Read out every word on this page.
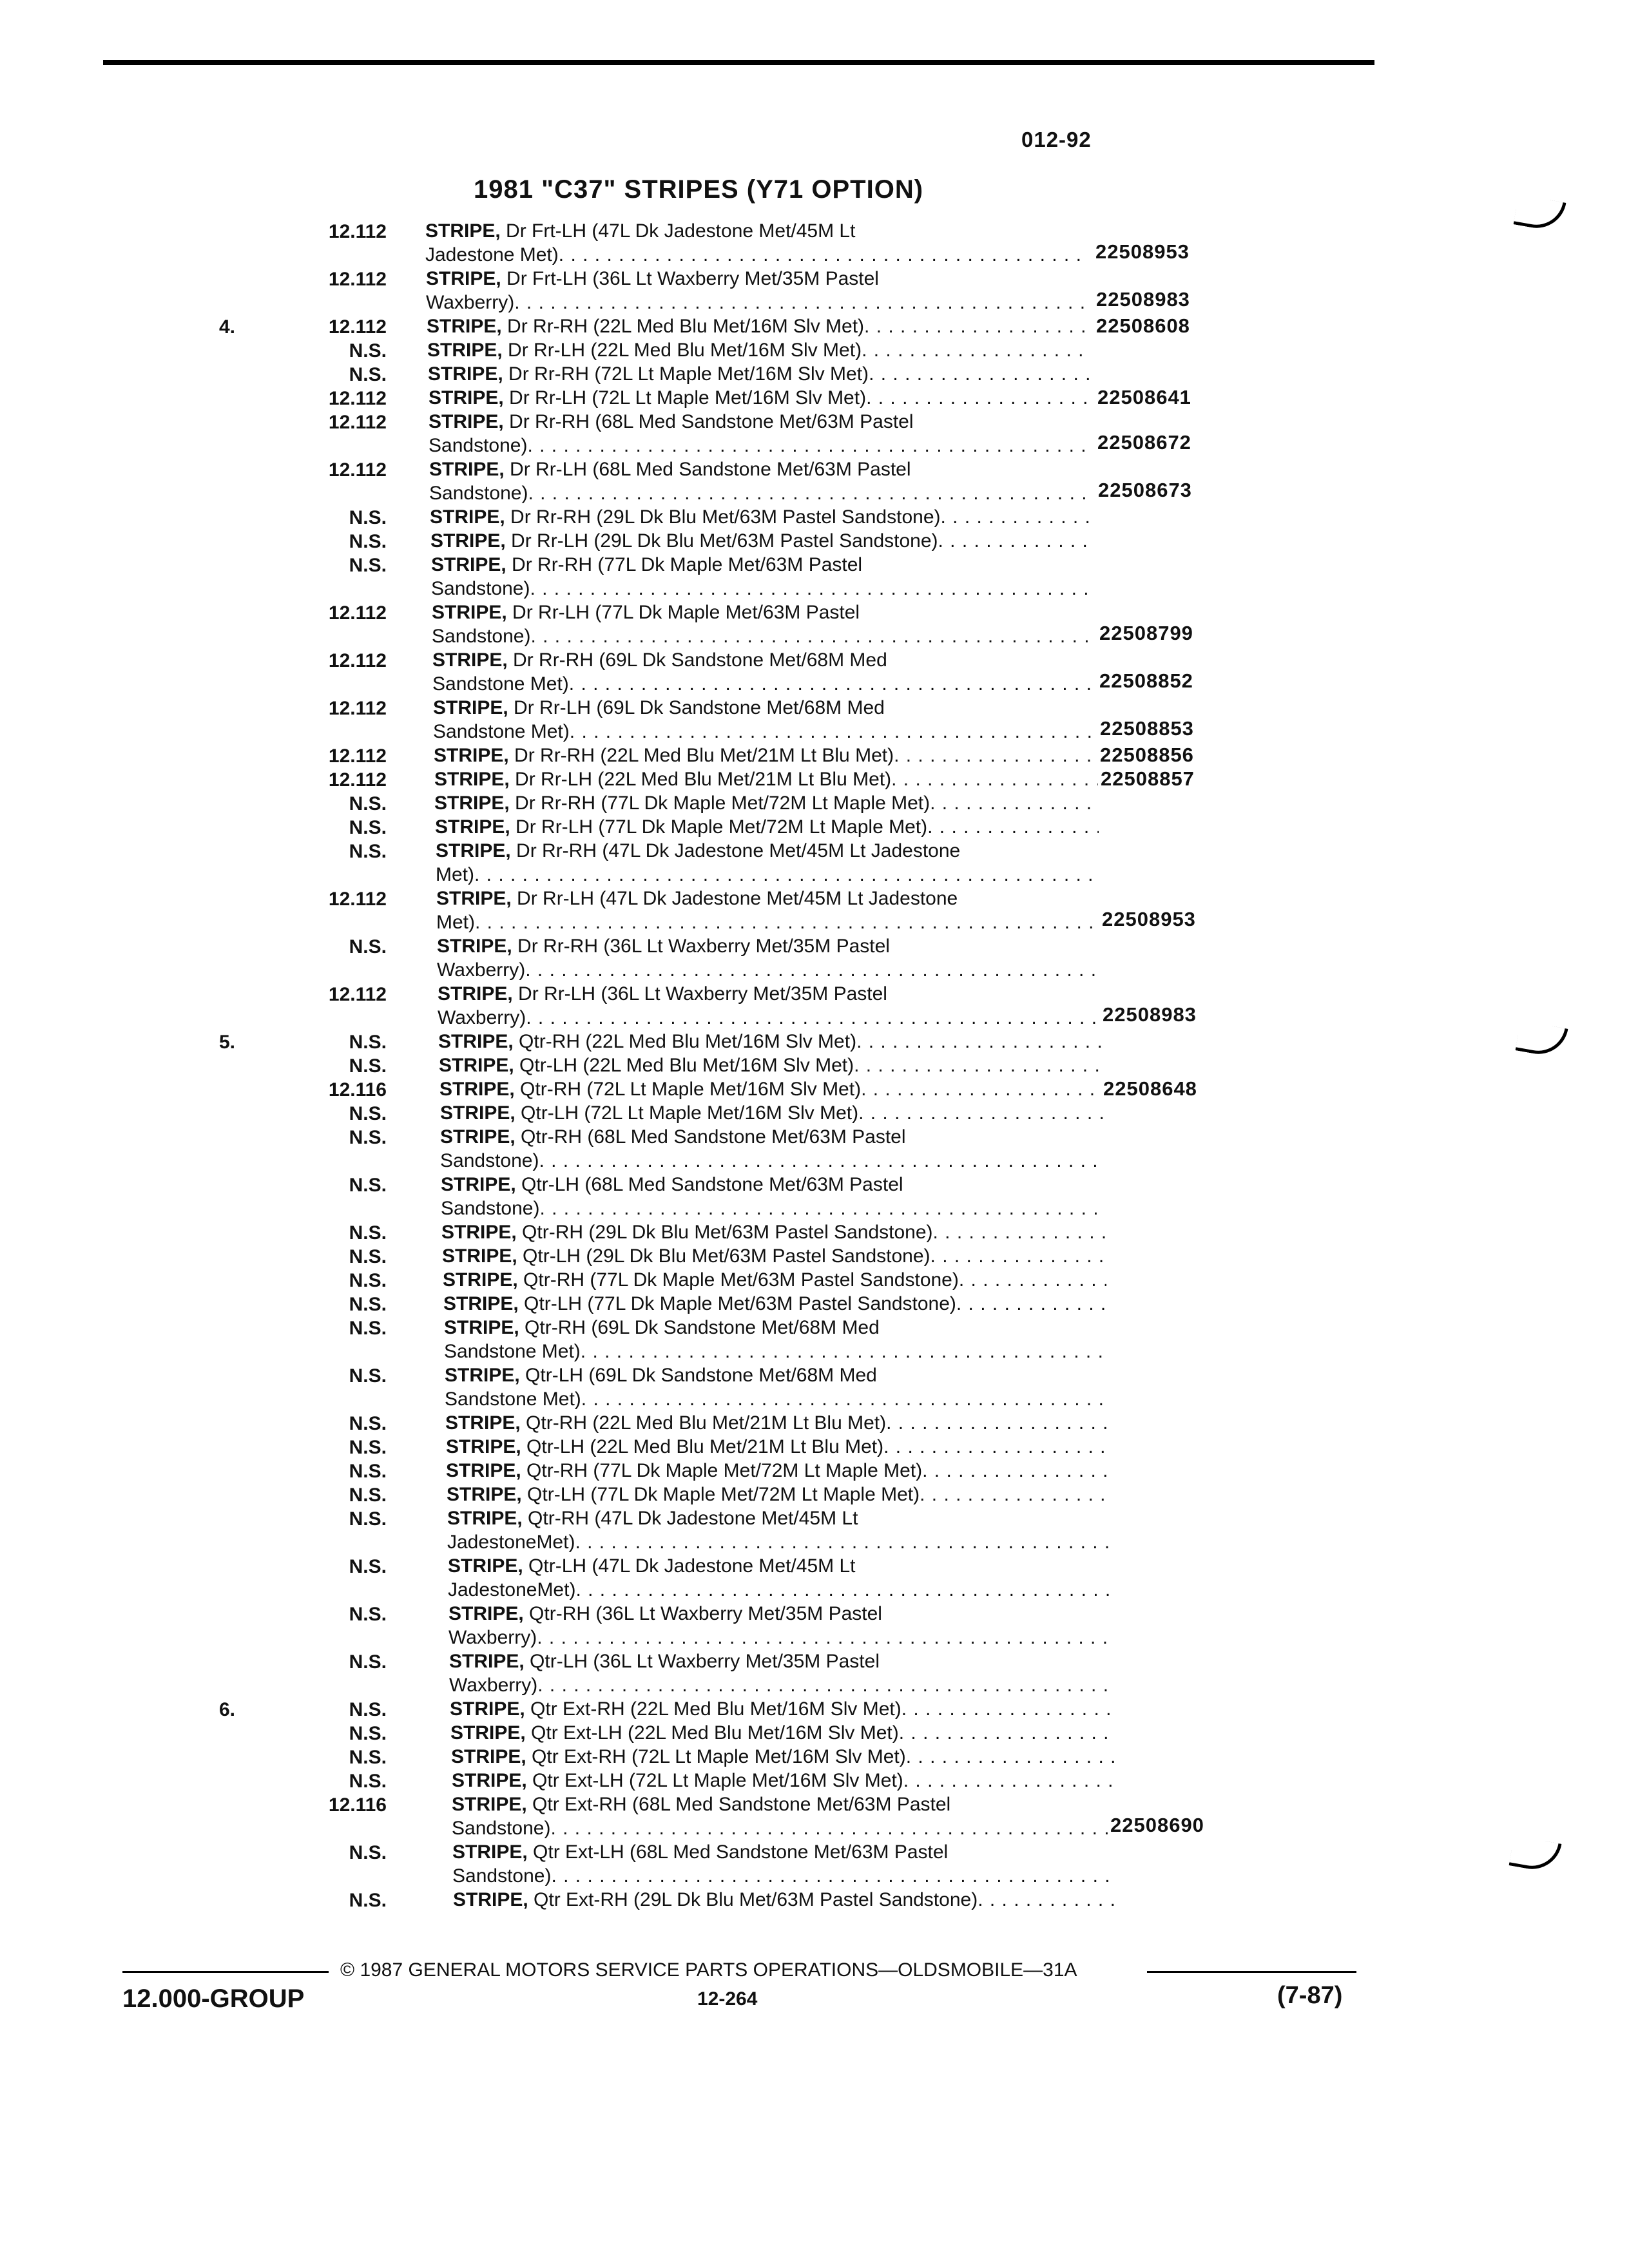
012-92
1981 "C37" STRIPES (Y71 OPTION)
12.112 STRIPE, Dr Frt-LH (47L Dk Jadestone Met/45M Lt
Jadestone Met) . . .	22508953
12.112 STRIPE, Dr Frt-LH (36L Lt Waxberry Met/35M Pastel
Waxberry) . . .	22508983
4.	12.112 STRIPE, Dr Rr-RH (22L Med Blu Met/16M Slv Met) . . .	22508608
N.S. STRIPE, Dr Rr-LH (22L Med Blu Met/16M Slv Met)
. . .
N.S. STRIPE, Dr Rr-RH (72L Lt Maple Met/16M Slv Met)
. . .
12.112 STRIPE, Dr Rr-LH (72L Lt Maple Met/16M Slv Met) . . .	22508641
12.112 STRIPE, Dr Rr-RH (68L Med Sandstone Met/63M Pastel
Sandstone) . . .	22508672
12.112 STRIPE, Dr Rr-LH (68L Med Sandstone Met/63M Pastel
Sandstone) . . .	22508673
N.S. STRIPE, Dr Rr-RH (29L Dk Blu Met/63M Pastel Sandstone)
. . .
N.S. STRIPE, Dr Rr-LH (29L Dk Blu Met/63M Pastel Sandstone)
. . .
N.S. STRIPE, Dr Rr-RH (77L Dk Maple Met/63M Pastel
Sandstone)
. . .
12.112 STRIPE, Dr Rr-LH (77L Dk Maple Met/63M Pastel
Sandstone) . . .	22508799
12.112 STRIPE, Dr Rr-RH (69L Dk Sandstone Met/68M Med
Sandstone Met) . . .	22508852
12.112 STRIPE, Dr Rr-LH (69L Dk Sandstone Met/68M Med
Sandstone Met) . . .	22508853
12.112 STRIPE, Dr Rr-RH (22L Med Blu Met/21M Lt Blu Met) . . .	22508856
12.112 STRIPE, Dr Rr-LH (22L Med Blu Met/21M Lt Blu Met) . . .	22508857
N.S. STRIPE, Dr Rr-RH (77L Dk Maple Met/72M Lt Maple Met)
. . .
N.S.	STRIPE, Dr Rr-LH (77L Dk Maple Met/72M Lt Maple Met)
. . .
N.S.	STRIPE, Dr Rr-RH (47L Dk Jadestone Met/45M Lt Jadestone
Met)
. . .
12.112	STRIPE, Dr Rr-LH (47L Dk Jadestone Met/45M Lt Jadestone
Met) . . .	22508953
N.S.	STRIPE, Dr Rr-RH (36L Lt Waxberry Met/35M Pastel
Waxberry)
. . .
12.112	STRIPE, Dr Rr-LH (36L Lt Waxberry Met/35M Pastel
Waxberry) . . .	22508983
5.	N.S.	STRIPE, Qtr-RH (22L Med Blu Met/16M Slv Met)
. . .
N.S.	STRIPE, Qtr-LH (22L Med Blu Met/16M Slv Met)
. . .
12.116	STRIPE, Qtr-RH (72L Lt Maple Met/16M Slv Met) . . .	22508648
N.S.	STRIPE, Qtr-LH (72L Lt Maple Met/16M Slv Met)
. . .
N.S.	STRIPE, Qtr-RH (68L Med Sandstone Met/63M Pastel
Sandstone)
. . .
N.S.	STRIPE, Qtr-LH (68L Med Sandstone Met/63M Pastel
Sandstone)
. . .
N.S.	STRIPE, Qtr-RH (29L Dk Blu Met/63M Pastel Sandstone)
. . .
N.S.	STRIPE, Qtr-LH (29L Dk Blu Met/63M Pastel Sandstone)
. . .
N.S.	STRIPE, Qtr-RH (77L Dk Maple Met/63M Pastel Sandstone)
. . .
N.S.	STRIPE, Qtr-LH (77L Dk Maple Met/63M Pastel Sandstone)
. . .
N.S.	STRIPE, Qtr-RH (69L Dk Sandstone Met/68M Med
Sandstone Met)
. . .
N.S.	STRIPE, Qtr-LH (69L Dk Sandstone Met/68M Med
Sandstone Met)
. . .
N.S.	STRIPE, Qtr-RH (22L Med Blu Met/21M Lt Blu Met)
. . .
N.S.	STRIPE, Qtr-LH (22L Med Blu Met/21M Lt Blu Met)
. . .
N.S.	STRIPE, Qtr-RH (77L Dk Maple Met/72M Lt Maple Met)
. . .
N.S.	STRIPE, Qtr-LH (77L Dk Maple Met/72M Lt Maple Met)
. . .
N.S.	STRIPE, Qtr-RH (47L Dk Jadestone Met/45M Lt
JadestoneMet)
. . .
N.S.	STRIPE, Qtr-LH (47L Dk Jadestone Met/45M Lt
JadestoneMet)
. . .
N.S.	STRIPE, Qtr-RH (36L Lt Waxberry Met/35M Pastel
Waxberry)
. . .
N.S.	STRIPE, Qtr-LH (36L Lt Waxberry Met/35M Pastel
Waxberry)
. . .
6.	N.S.	STRIPE, Qtr Ext-RH (22L Med Blu Met/16M Slv Met)
. . .
N.S.	STRIPE, Qtr Ext-LH (22L Med Blu Met/16M Slv Met)
. . .
N.S.	STRIPE, Qtr Ext-RH (72L Lt Maple Met/16M Slv Met)
. . .
N.S.	STRIPE, Qtr Ext-LH (72L Lt Maple Met/16M Slv Met)
. . .
12.116	STRIPE, Qtr Ext-RH (68L Med Sandstone Met/63M Pastel
Sandstone) . . .	22508690
N.S.	STRIPE, Qtr Ext-LH (68L Med Sandstone Met/63M Pastel
Sandstone)
. . .
N.S.	STRIPE, Qtr Ext-RH (29L Dk Blu Met/63M Pastel Sandstone)
. . .
© 1987 GENERAL MOTORS SERVICE PARTS OPERATIONS—OLDSMOBILE—31A
12.000-GROUP	12-264	(7-87)
